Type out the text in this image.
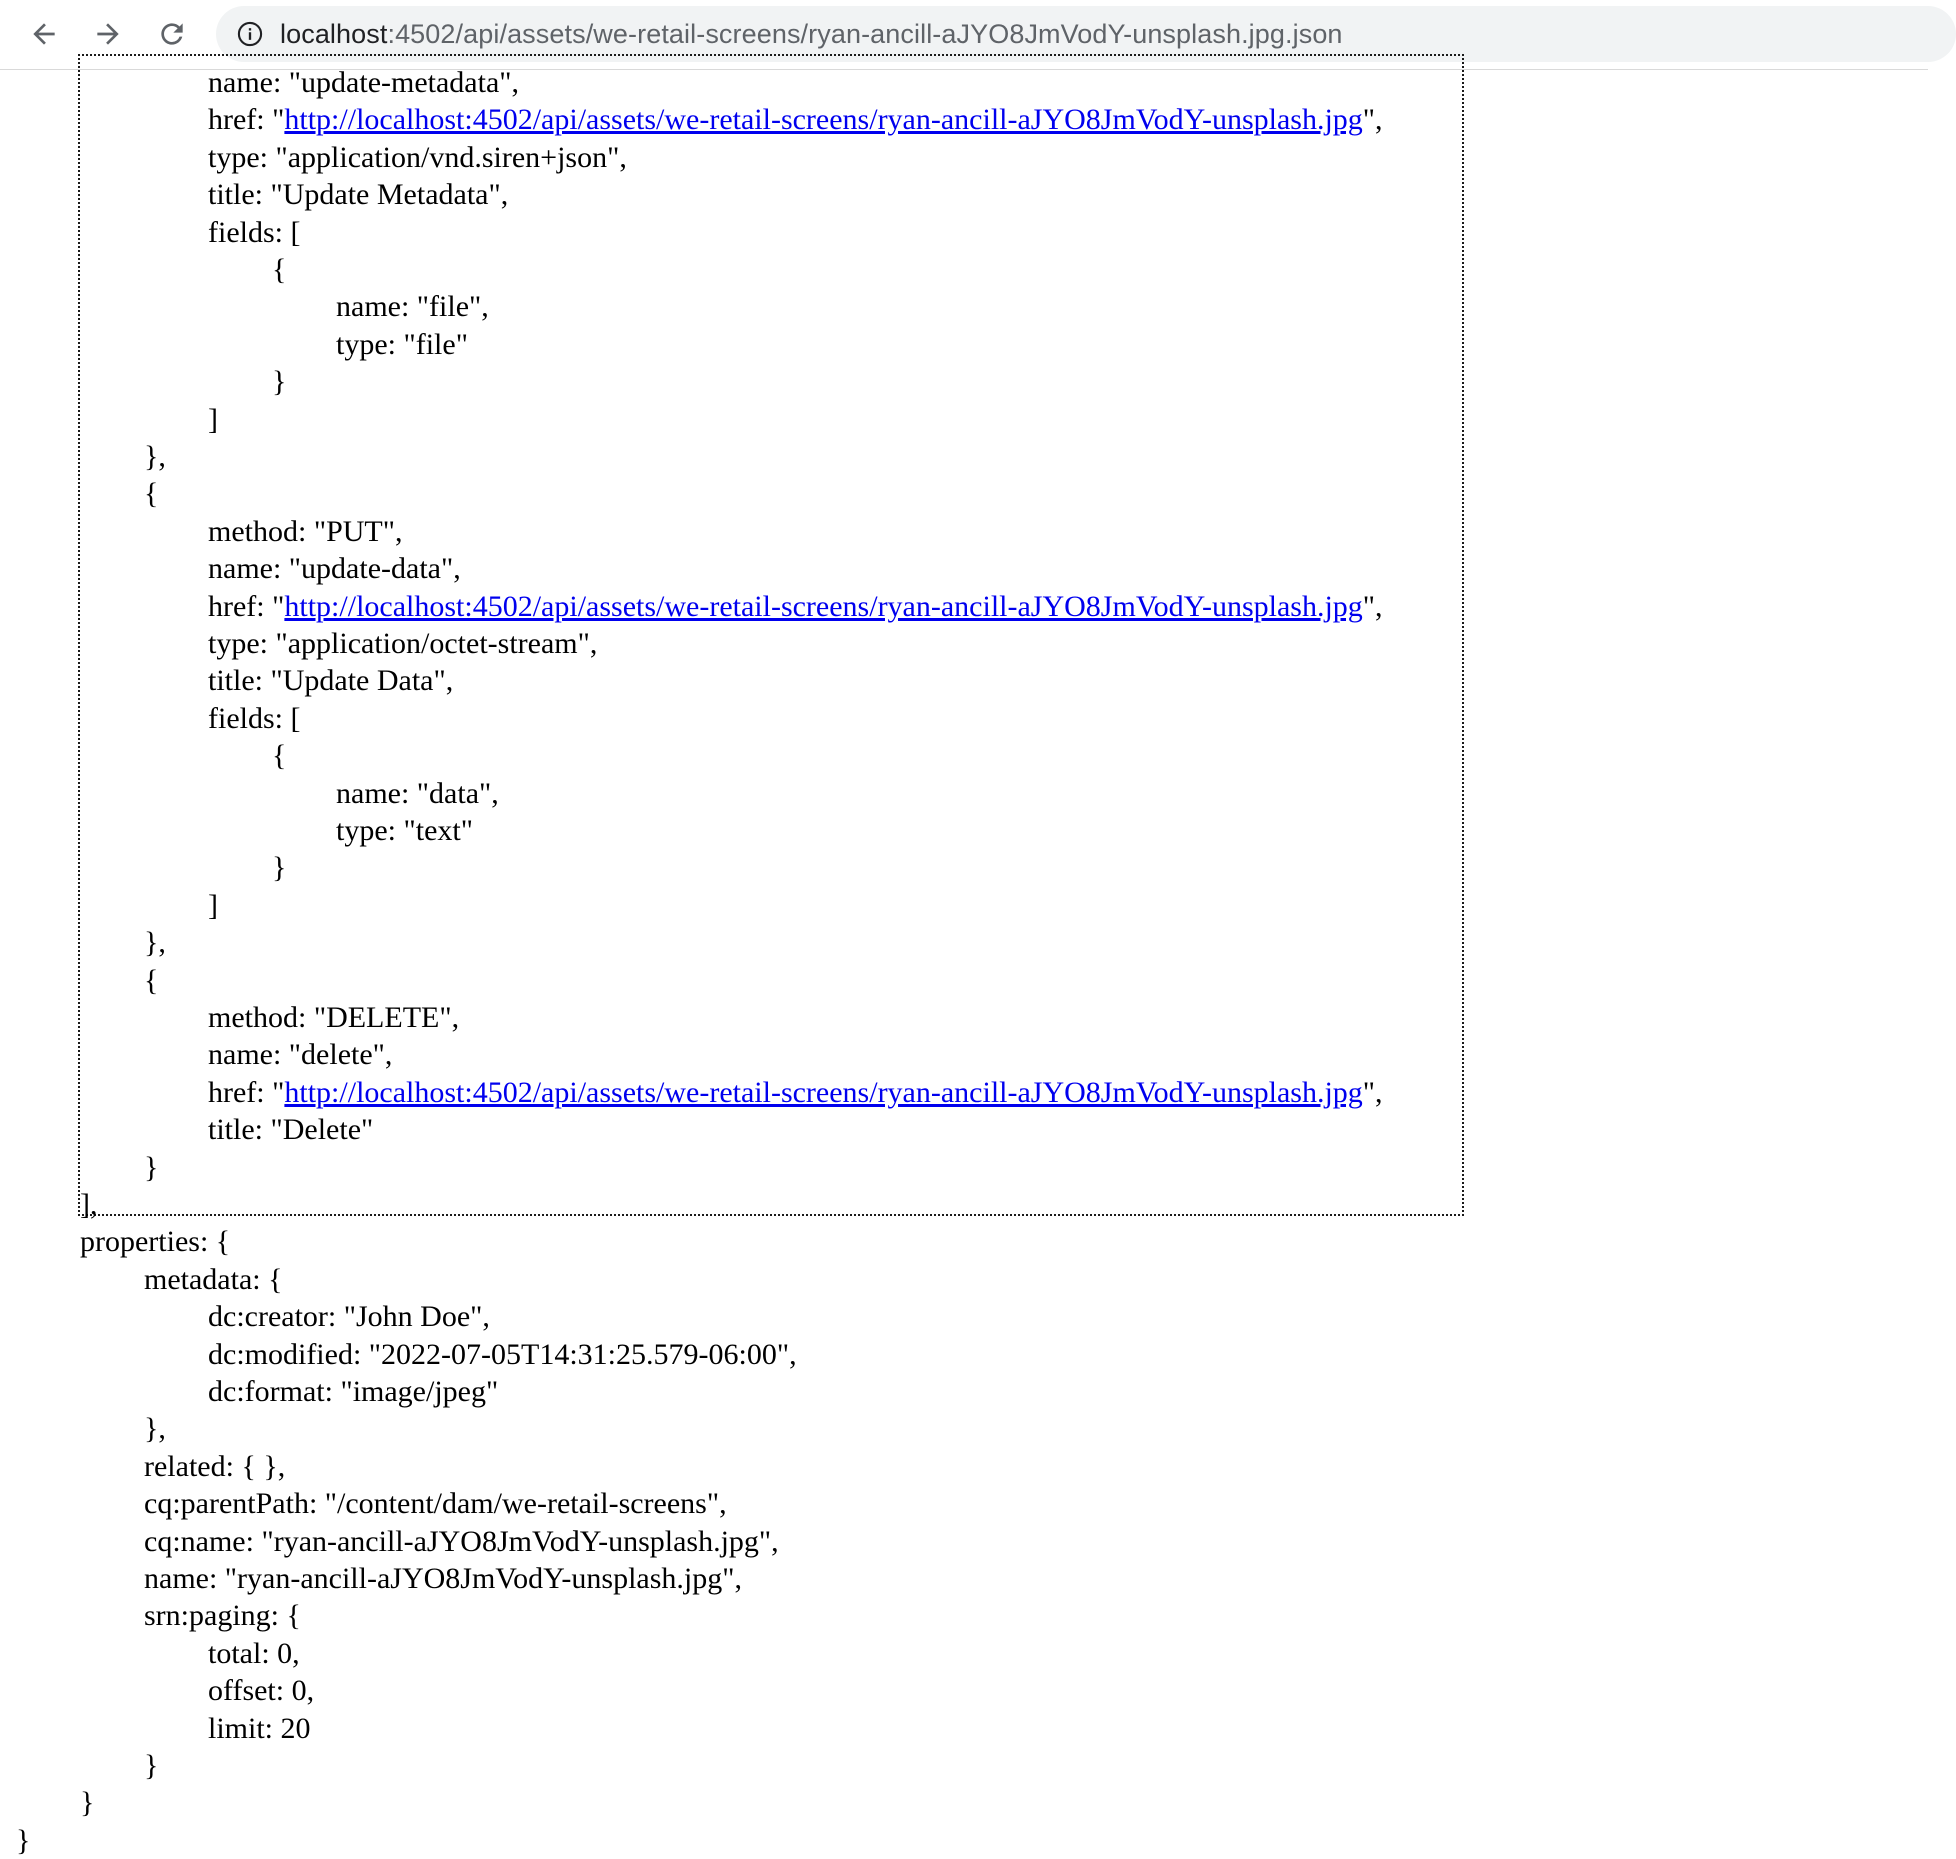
localhost:4502/api/assets/we-retail-screens/ryan-ancill-aJYO8JmVodY-unsplash.jpg.json
name: "update-metadata",
href: "http://localhost:4502/api/assets/we-retail-screens/ryan-ancill-aJYO8JmVodY-unsplash.jpg",
type: "application/vnd.siren+json",
title: "Update Metadata",
fields: [
{
name: "file",
type: "file"
}
]
},
{
method: "PUT",
name: "update-data",
href: "http://localhost:4502/api/assets/we-retail-screens/ryan-ancill-aJYO8JmVodY-unsplash.jpg",
type: "application/octet-stream",
title: "Update Data",
fields: [
{
name: "data",
type: "text"
}
]
},
{
method: "DELETE",
name: "delete",
href: "http://localhost:4502/api/assets/we-retail-screens/ryan-ancill-aJYO8JmVodY-unsplash.jpg",
title: "Delete"
}
],
properties: {
metadata: {
dc:creator: "John Doe",
dc:modified: "2022-07-05T14:31:25.579-06:00",
dc:format: "image/jpeg"
},
related: { },
cq:parentPath: "/content/dam/we-retail-screens",
cq:name: "ryan-ancill-aJYO8JmVodY-unsplash.jpg",
name: "ryan-ancill-aJYO8JmVodY-unsplash.jpg",
srn:paging: {
total: 0,
offset: 0,
limit: 20
}
}
}
